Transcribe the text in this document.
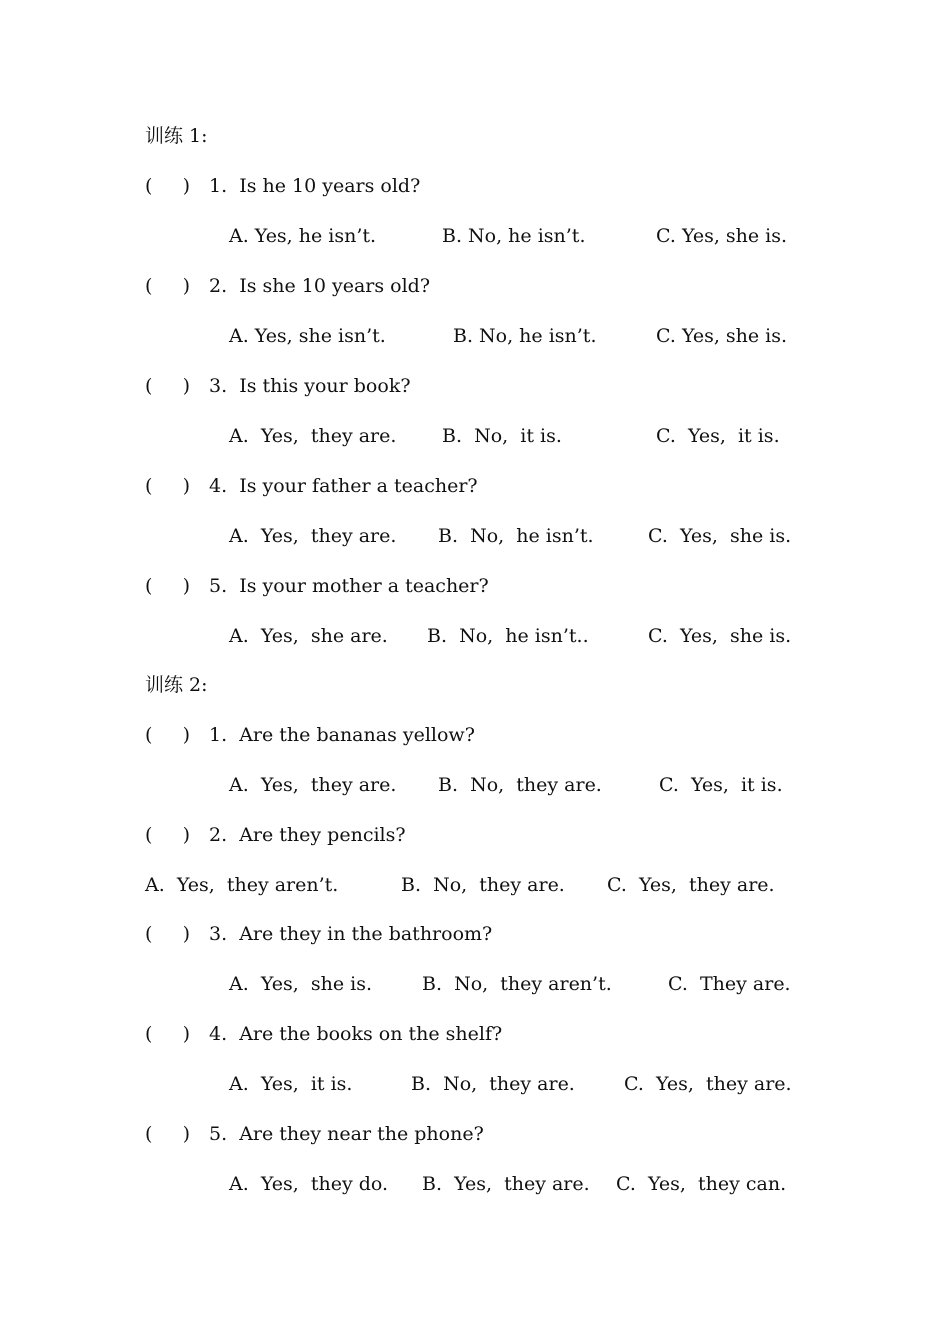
训练 1:
(     ) 1.  Is he 10 years old?
A. Yes, he isn’t.	B. No, he isn’t.	C. Yes, she is.
(     ) 2.  Is she 10 years old?
A. Yes, she isn’t.	B. No, he isn’t.	C. Yes, she is.
(     ) 3.  Is this your book?
A.  Yes,  they are. B.  No,  it is.	C.  Yes,  it is.
(     ) 4.  Is your father a teacher?
A.  Yes,  they are. B.  No,  he isn’t.	C.  Yes,  she is.
(     ) 5.  Is your mother a teacher?
A.  Yes,  she are. B.  No,  he isn’t..	C.  Yes,  she is.
训练 2:
(     ) 1.  Are the bananas yellow?
A.  Yes,  they are. B.  No,  they are.	C.  Yes,  it is.
(     ) 2.  Are they pencils?
A.  Yes,  they aren’t.	B.  No,  they are. C.  Yes,  they are.
(     ) 3.  Are they in the bathroom?
A.  Yes,  she is.	B.  No,  they aren’t.	C.  They are.
(     ) 4.  Are the books on the shelf?
A.  Yes,  it is.	B.  No,  they are.	C.  Yes,  they are.
(     ) 5.  Are they near the phone?
A.  Yes,  they do. B.  Yes,  they are. C.  Yes,  they can.
